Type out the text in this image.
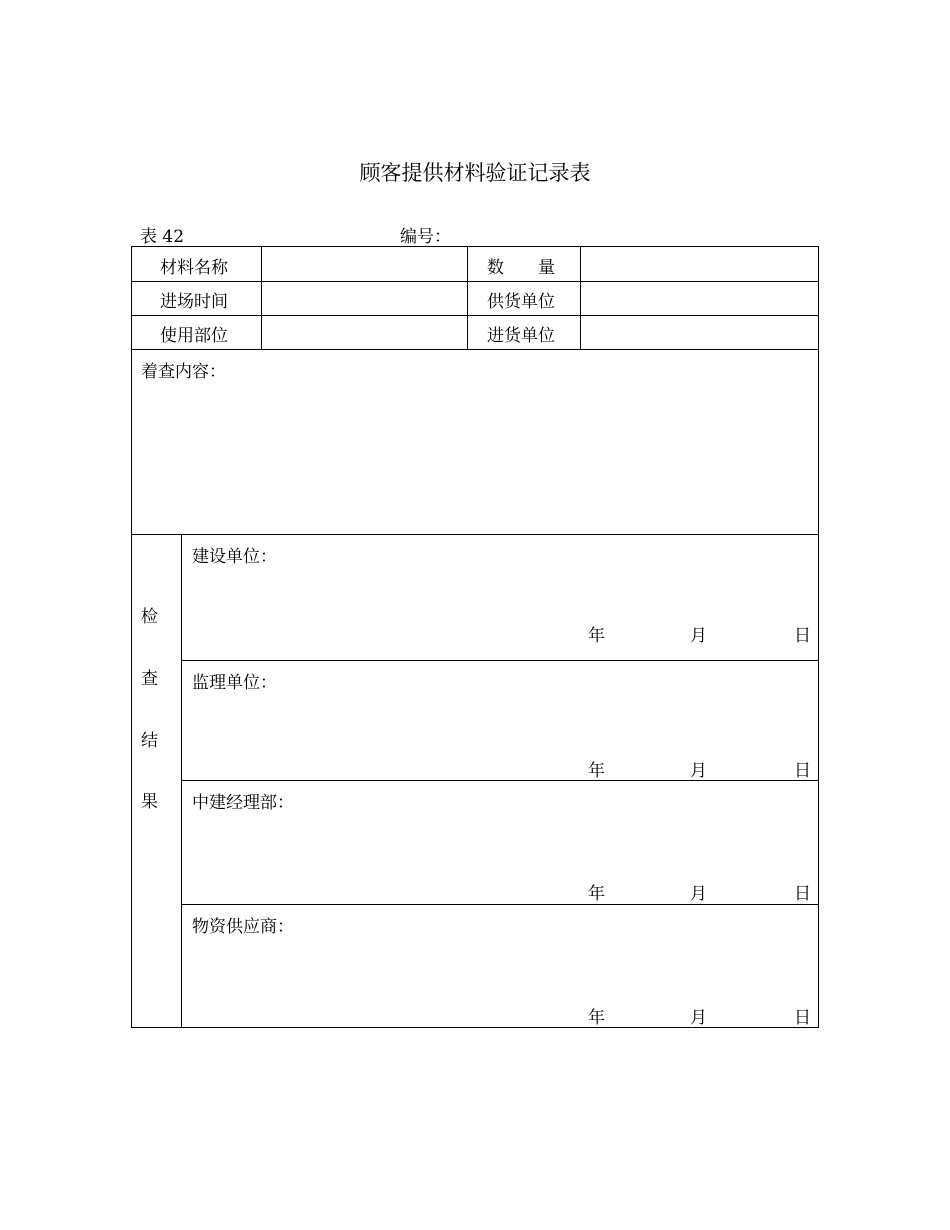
顾客提供材料验证记录表
表 42	编号：
材料名称	数　　量
进场时间	供货单位
使用部位	进货单位
着查内容：
检
查
结
果
建设单位：
年	月	日
监理单位：
年	月	日
中建经理部：
年	月	日
物资供应商：
年	月	日
